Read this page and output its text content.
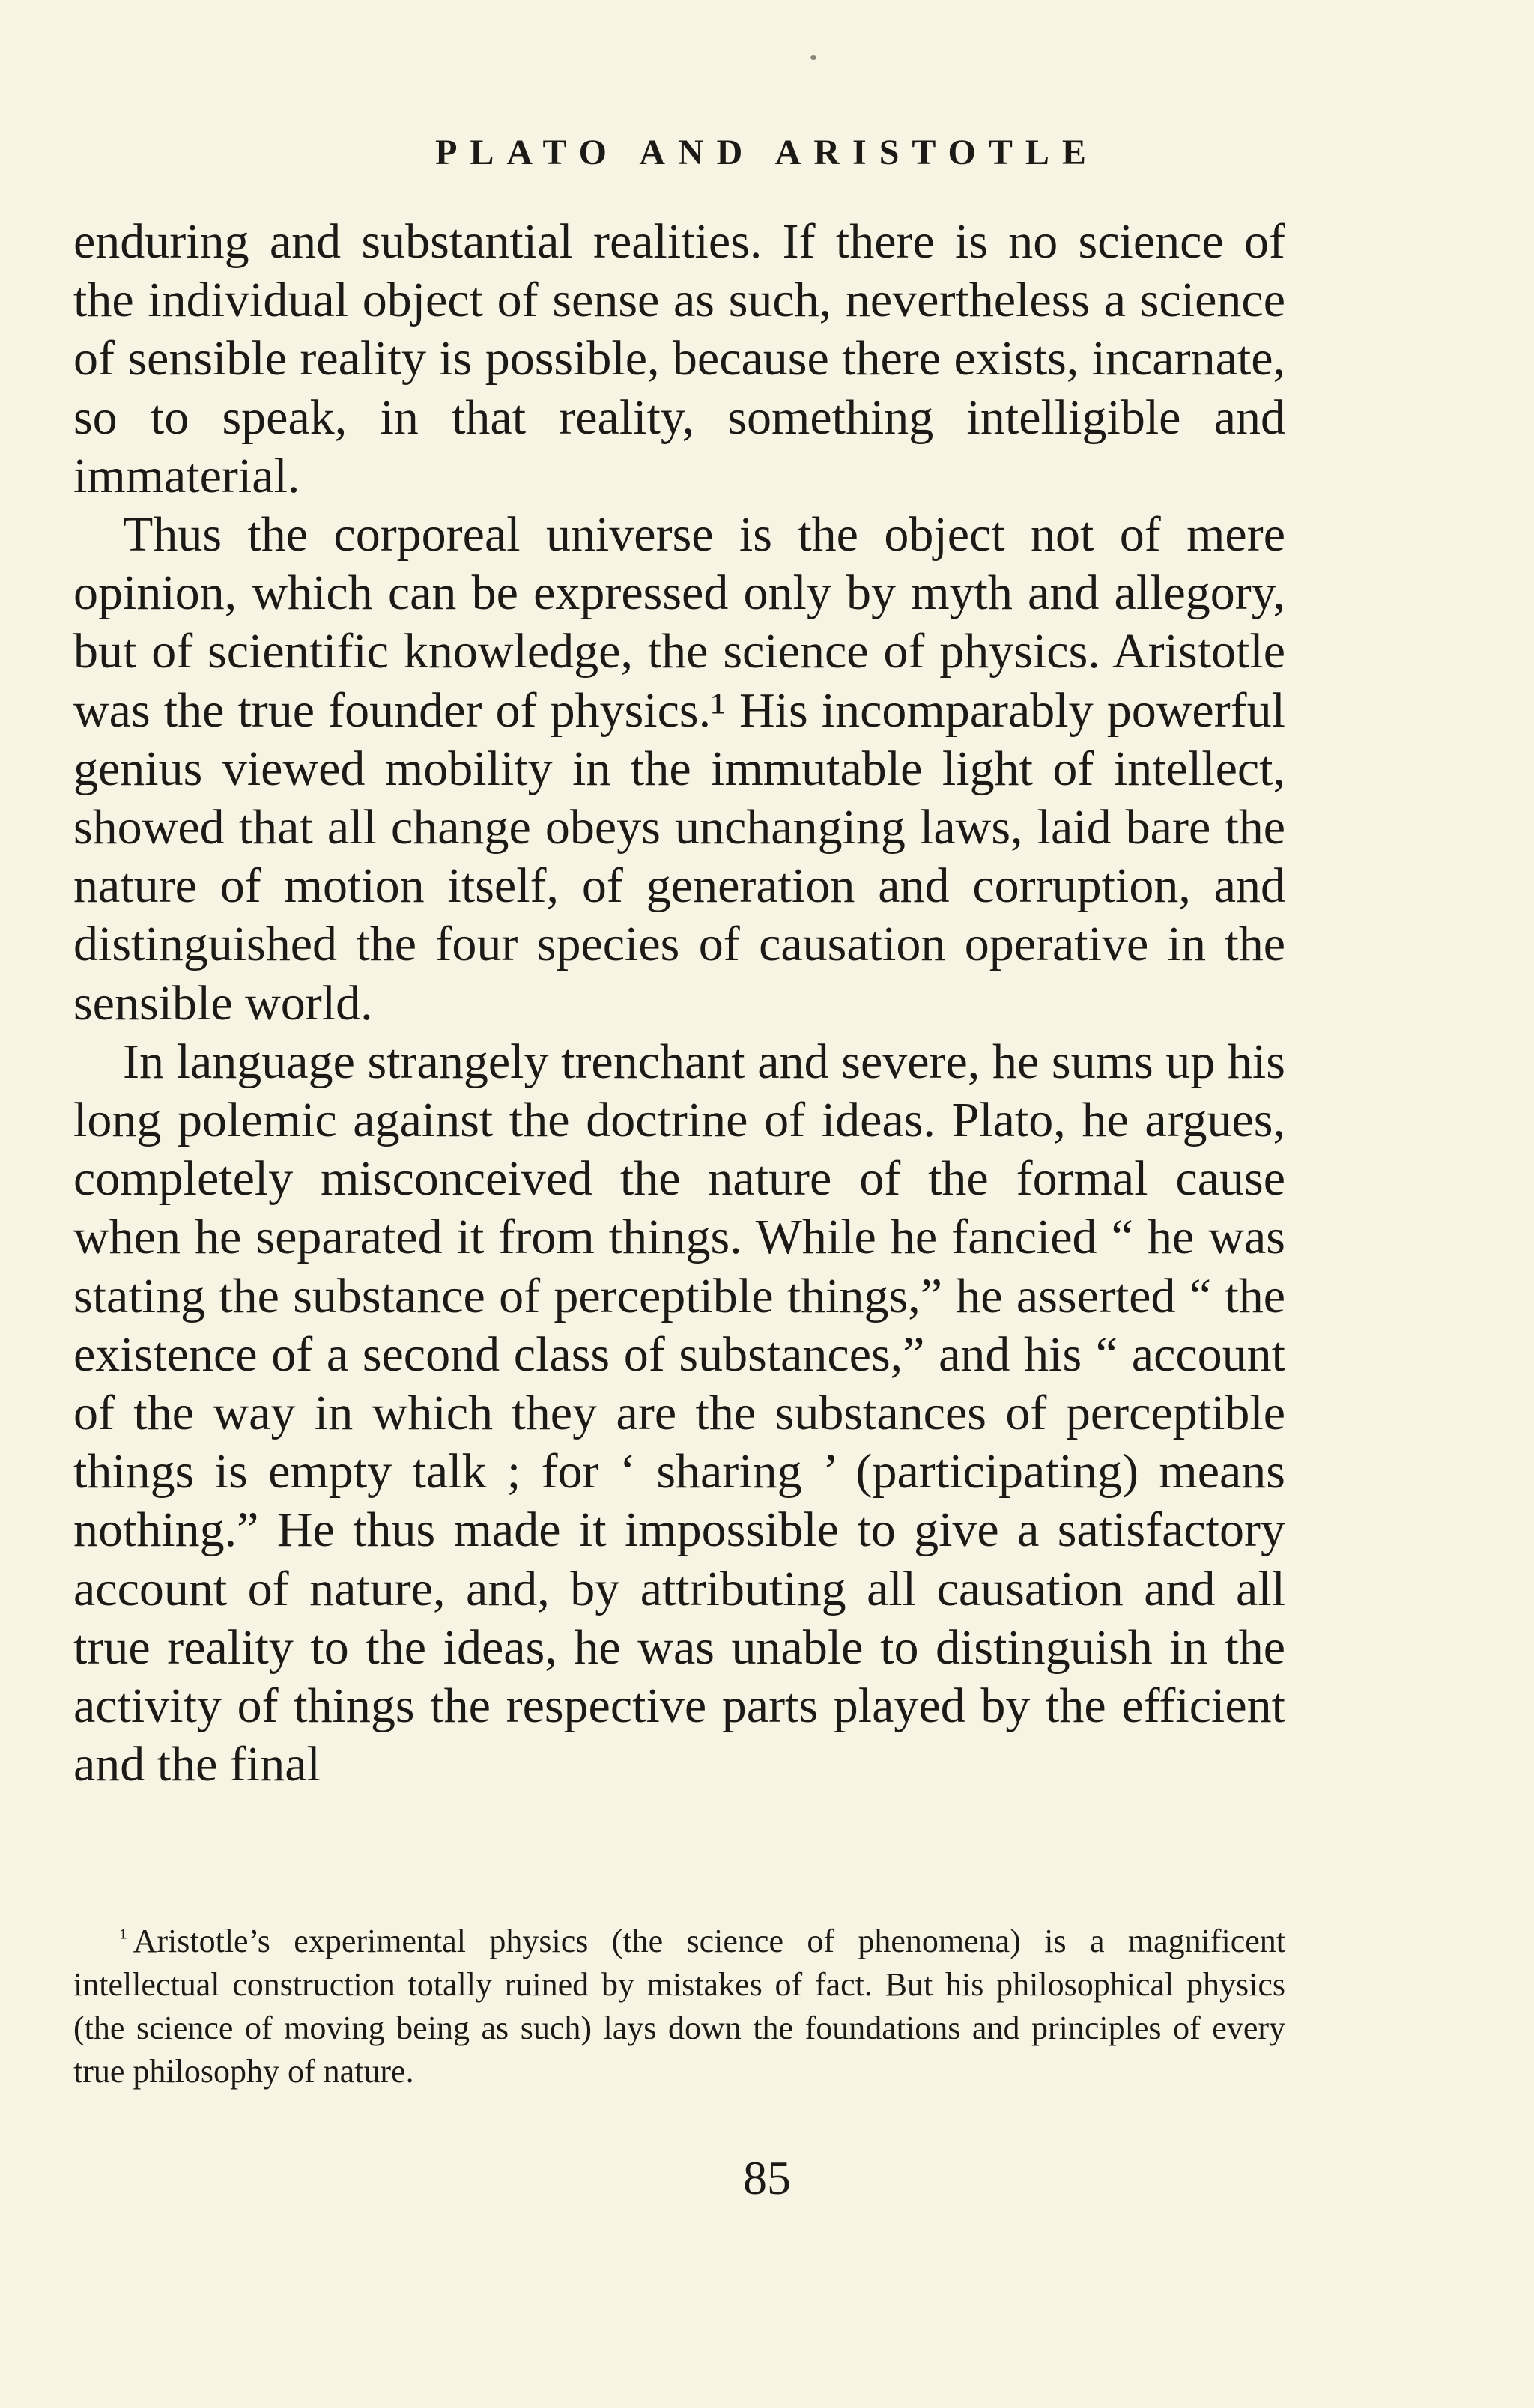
PLATO AND ARISTOTLE

enduring and substantial realities. If there is no science of the individual object of sense as such, nevertheless a science of sensible reality is possible, because there exists, incarnate, so to speak, in that reality, something intelligible and immaterial.

Thus the corporeal universe is the object not of mere opinion, which can be expressed only by myth and allegory, but of scientific knowledge, the science of physics. Aristotle was the true founder of physics.¹ His incomparably powerful genius viewed mobility in the immutable light of intellect, showed that all change obeys unchanging laws, laid bare the nature of motion itself, of generation and corruption, and distinguished the four species of causation operative in the sensible world.

In language strangely trenchant and severe, he sums up his long polemic against the doctrine of ideas. Plato, he argues, completely misconceived the nature of the formal cause when he separated it from things. While he fancied “ he was stating the substance of perceptible things,” he asserted “ the existence of a second class of substances,” and his “ account of the way in which they are the substances of perceptible things is empty talk ; for ‘ sharing ’ (participating) means nothing.” He thus made it impossible to give a satisfactory account of nature, and, by attributing all causation and all true reality to the ideas, he was unable to distinguish in the activity of things the respective parts played by the efficient and the final

$^{^1}$ Aristotle’s experimental physics (the science of phenomena) is a magnificent intellectual construction totally ruined by mistakes of fact. But his philosophical physics (the science of moving being as such) lays down the foundations and principles of every true philosophy of nature.

85
